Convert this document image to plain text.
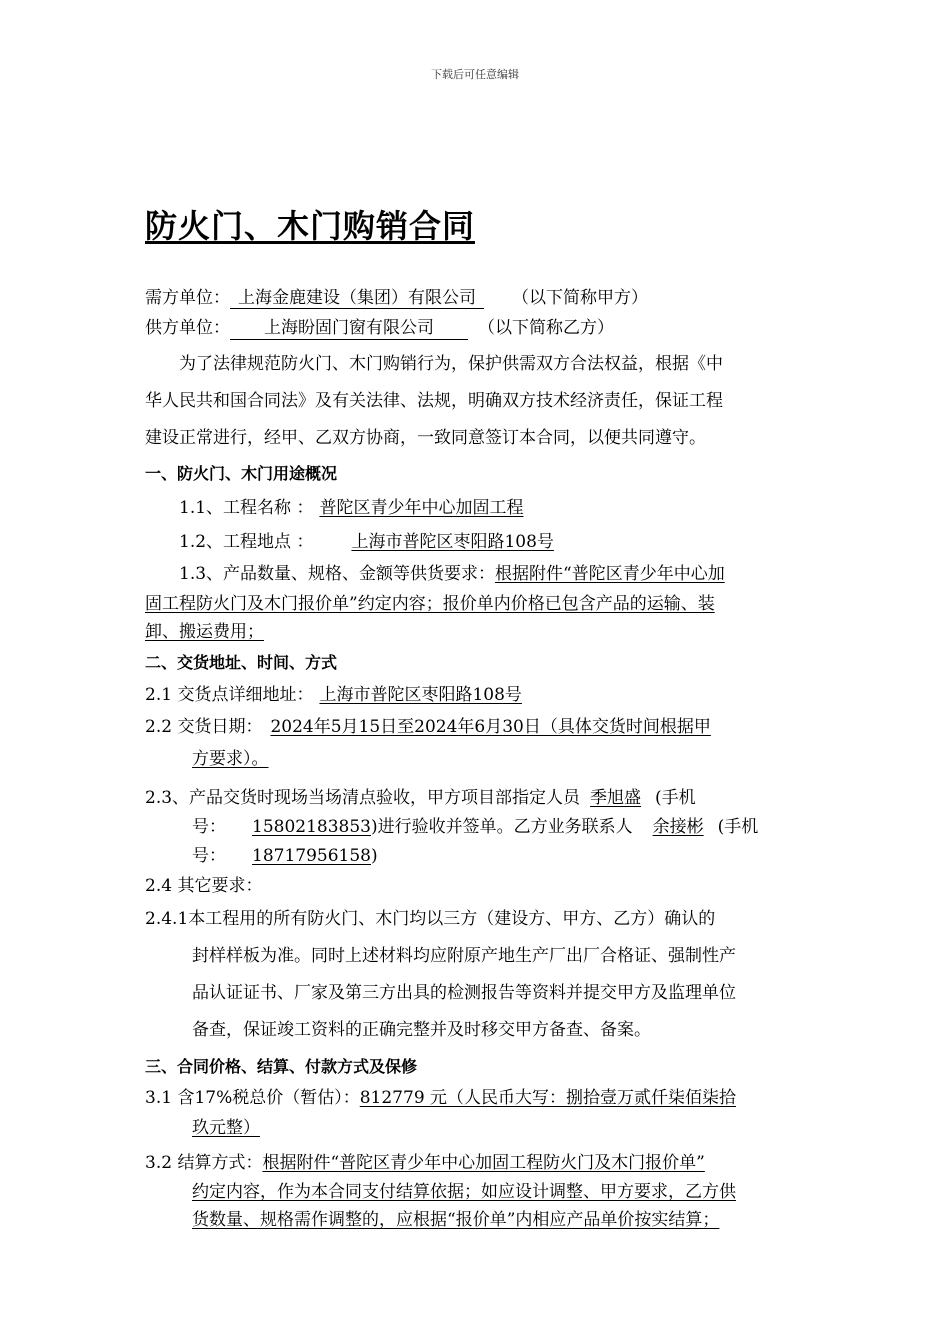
下载后可任意编辑
防火门、木门购销合同
需方单位： 上海金鹿建设（集团）有限公司 （以下简称甲方）
供方单位： 上海盼固门窗有限公司	（以下简称乙方）
为了法律规范防火门、木门购销行为，保护供需双方合法权益，根据《中
华人民共和国合同法》及有关法律、法规，明确双方技术经济责任，保证工程
建设正常进行，经甲、乙双方协商，一致同意签订本合同，以便共同遵守。
一、防火门、木门用途概况
1.1、工程名称 ： 普陀区青少年中心加固工程
1.2、工程地点 ： 上海市普陀区枣阳路108号
1.3、产品数量、规格、金额等供货要求：根据附件“普陀区青少年中心加
固工程防火门及木门报价单”约定内容；报价单内价格已包含产品的运输、装
卸、搬运费用；
二、交货地址、时间、方式
2.1 交货点详细地址： 上海市普陀区枣阳路108号
2.2 交货日期： 2024年5月15日至2024年6月30日（具体交货时间根据甲
方要求）。
2.3、产品交货时现场当场清点验收，甲方项目部指定人员 季旭盛 (手机
号： 15802183853)进行验收并签单。乙方业务联系人 余接彬 (手机
号： 18717956158)
2.4 其它要求：
2.4.1本工程用的所有防火门、木门均以三方（建设方、甲方、乙方）确认的
封样样板为准。同时上述材料均应附原产地生产厂出厂合格证、强制性产
品认证证书、厂家及第三方出具的检测报告等资料并提交甲方及监理单位
备查，保证竣工资料的正确完整并及时移交甲方备查、备案。
三、合同价格、结算、付款方式及保修
3.1 含17%税总价（暂估）：812779 元（人民币大写：捌拾壹万贰仟柒佰柒拾
玖元整）
3.2 结算方式：根据附件“普陀区青少年中心加固工程防火门及木门报价单”
约定内容，作为本合同支付结算依据；如应设计调整、甲方要求，乙方供
货数量、规格需作调整的，应根据“报价单”内相应产品单价按实结算；
